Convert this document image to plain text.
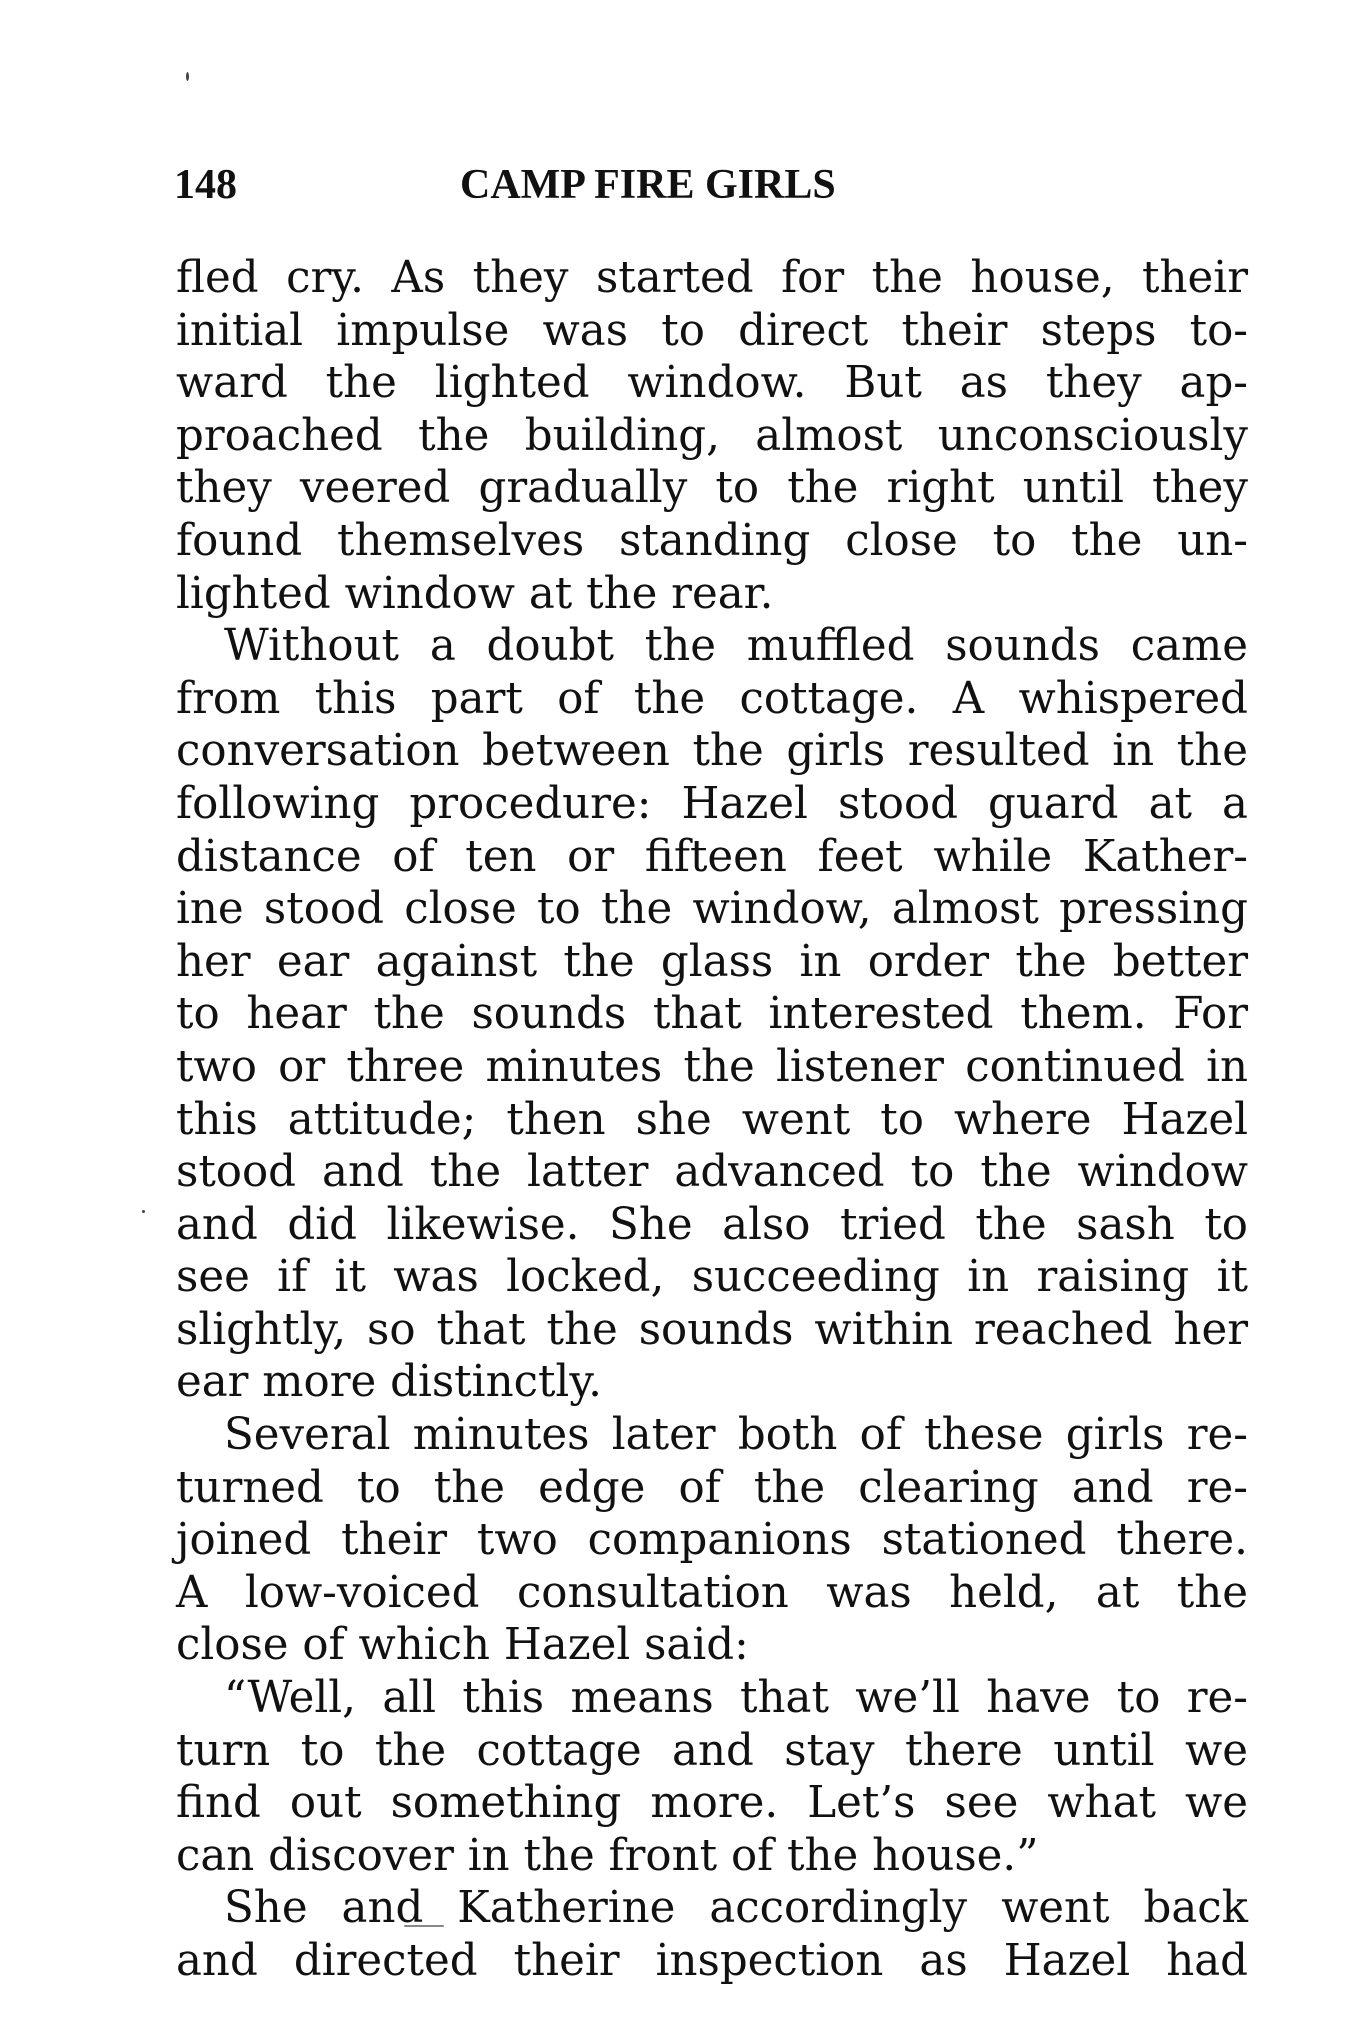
148	CAMP FIRE GIRLS
fled cry. As they started for the house, their
initial impulse was to direct their steps to-
ward the lighted window. But as they ap-
proached the building, almost unconsciously
they veered gradually to the right until they
found themselves standing close to the un-
lighted window at the rear.
Without a doubt the muffled sounds came
from this part of the cottage. A whispered
conversation between the girls resulted in the
following procedure: Hazel stood guard at a
distance of ten or fifteen feet while Kather-
ine stood close to the window, almost pressing
her ear against the glass in order the better
to hear the sounds that interested them. For
two or three minutes the listener continued in
this attitude; then she went to where Hazel
stood and the latter advanced to the window
and did likewise. She also tried the sash to
see if it was locked, succeeding in raising it
slightly, so that the sounds within reached her
ear more distinctly.
Several minutes later both of these girls re-
turned to the edge of the clearing and re-
joined their two companions stationed there.
A low-voiced consultation was held, at the
close of which Hazel said:
“Well, all this means that we’ll have to re-
turn to the cottage and stay there until we
find out something more. Let’s see what we
can discover in the front of the house.”
She and Katherine accordingly went back
and directed their inspection as Hazel had
